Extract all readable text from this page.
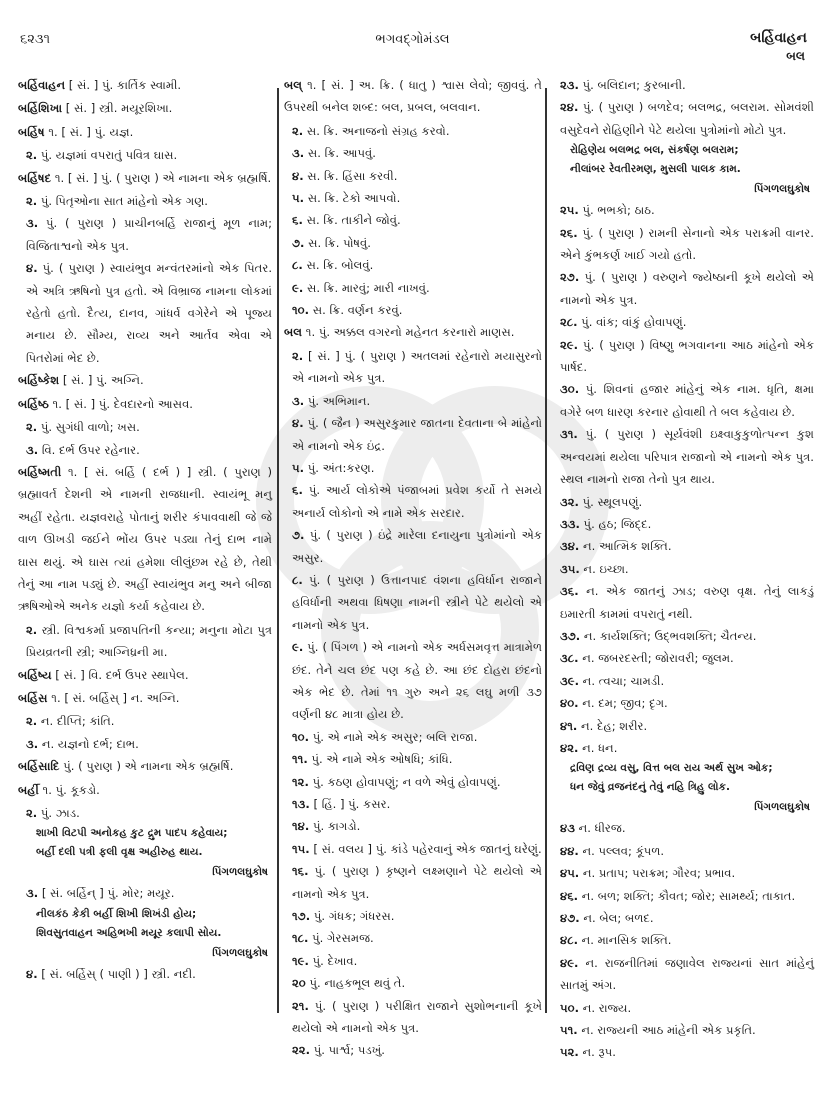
૬૨૩૧	ભગવદ્ગોમંડલ	બર્હિવાહન
બલ
બર્હિવાહન [ સં. ] પું. કાર્તિક સ્વામી.
બર્હિશિખા [ સં. ] સ્ત્રી. મયૂરશિખા.
બર્હિષ ૧. [ સં. ] પું. યજ્ઞ.
૨. પું. યજ્ઞમાં વપરાતું પવિત્ર ઘાસ.
બર્હિષદ ૧. [ સં. ] પું. ( પુરાણ ) એ નામના એક બ્રહ્મર્ષિ.
૨. પું. પિતૃઓના સાત માંહેનો એક ગણ.
૩. પું. ( પુરાણ ) પ્રાચીનબર્હિ રાજાનું મૂળ નામ; વિજિતાશ્વનો એક પુત્ર.
૪. પું. ( પુરાણ ) સ્વાયંભુવ મન્વંતરમાંનો એક પિતર. એ અત્રિ ઋષિનો પુત્ર હતો. એ વિભ્રાજ નામના લોકમાં રહેતો હતો. દૈત્ય, દાનવ, ગાંધર્વ વગેરેને એ પૂજ્ય મનાય છે. સૌમ્ય, રાવ્ય અને આર્તવ એવા એ પિતરોમાં ભેદ છે.
બર્હિષ્કેશ [ સં. ] પું. અગ્નિ.
બર્હિષ્ઠ ૧. [ સં. ] પું. દેવદારનો આસવ.
૨. પું. સુગંધી વાળો; ખસ.
૩. વિ. દર્ભ ઉપર રહેનાર.
બર્હિષ્મતી ૧. [ સં. બર્હિ ( દર્ભ ) ] સ્ત્રી. ( પુરાણ ) બ્રહ્માવર્ત દેશની એ નામની રાજધાની. સ્વાયંભૂ મનુ અહીં રહેતા. યજ્ઞવરાહે પોતાનું શરીર કંપાવવાથી જે જે વાળ ઊખડી જઈને ભોંય ઉપર પડ્યા તેનું દાભ નામે ઘાસ થયું. એ ઘાસ ત્યાં હમેશા લીલુંછમ રહે છે, તેથી તેનું આ નામ પડ્યું છે. અહીં સ્વાયંભુવ મનુ અને બીજા ઋષિઓએ અનેક યજ્ઞો કર્યા કહેવાય છે.
૨. સ્ત્રી. વિશ્વકર્મા પ્રજાપતિની કન્યા; મનુના મોટા પુત્ર પ્રિયવ્રતની સ્ત્રી; આગ્નિધ્રની મા.
બર્હિષ્ય [ સં. ] વિ. દર્ભ ઉપર સ્થાપેલ.
બર્હિસ ૧. [ સં. બર્હિસ્ ] ન. અગ્નિ.
૨. ન. દીપ્તિ; કાંતિ.
૩. ન. યજ્ઞનો દર્ભ; દાભ.
બર્હિસાદિ પું. ( પુરાણ ) એ નામના એક બ્રહ્મર્ષિ.
બર્હી ૧. પું. કૂકડો.
૨. પું. ઝાડ.
શાખી વિટપી અનોકહ કુટ દ્રુમ પાદપ કહેવાય;
બર્હી દલી પત્રી ફલી વૃક્ષ અહીરુહ થાય.
પિંગળલઘુકોષ
૩. [ સં. બર્હિન્ ] પું. મોર; મયૂર.
નીલકંઠ કેકી બર્હી શિખી શિખંડી હોય;
શિવસુતવાહન અહિભખી મયૂર કલાપી સોય.
પિંગળલઘુકોષ
૪. [ સં. બર્હિસ્ ( પાણી ) ] સ્ત્રી. નદી.
બલ્ ૧. [ સં. ] અ. ક્રિ. ( ધાતુ ) શ્વાસ લેવો; જીવવું. તે ઉપરથી બનેલ શબ્દ: બલ, પ્રબલ, બલવાન.
૨. સ. ક્રિ. અનાજનો સંગ્રહ કરવો.
૩. સ. ક્રિ. આપવું.
૪. સ. ક્રિ. હિંસા કરવી.
૫. સ. ક્રિ. ટેકો આપવો.
૬. સ. ક્રિ. તાકીને જોવું.
૭. સ. ક્રિ. પોષવું.
૮. સ. ક્રિ. બોલવું.
૯. સ. ક્રિ. મારવું; મારી નાખવું.
૧૦. સ. ક્રિ. વર્ણન કરવું.
બલ ૧. પું. અક્કલ વગરનો મહેનત કરનારો માણસ.
૨. [ સં. ] પું. ( પુરાણ ) અતલમાં રહેનારો મયાસુરનો એ નામનો એક પુત્ર.
૩. પું. અભિમાન.
૪. પું. ( જૈન ) અસુરકુમાર જાતના દેવતાના બે માંહેનો એ નામનો એક ઇંદ્ર.
૫. પું. અંત:કરણ.
૬. પું. આર્ય લોકોએ પંજાબમાં પ્રવેશ કર્યો તે સમયે અનાર્ય લોકોનો એ નામે એક સરદાર.
૭. પું. ( પુરાણ ) ઇંદ્રે મારેલા દનાયુના પુત્રોમાંનો એક અસુર.
૮. પું. ( પુરાણ ) ઉત્તાનપાદ વંશના હવિર્ધાન રાજાને હવિર્ધાની અથવા ધિષણા નામની સ્ત્રીને પેટે થયેલો એ નામનો એક પુત્ર.
૯. પું. ( પિંગળ ) એ નામનો એક અર્ધસમવૃત્ત માત્રામેળ છંદ. તેને ચલ છંદ પણ કહે છે. આ છંદ દોહરા છંદનો એક ભેદ છે. તેમાં ૧૧ ગુરુ અને ૨૬ લઘુ મળી ૩૭ વર્ણની ૪૮ માત્રા હોય છે.
૧૦. પું. એ નામે એક અસુર; બલિ રાજા.
૧૧. પું. એ નામે એક ઓષધિ; કાંધિ.
૧૨. પું. કઠણ હોવાપણું; ન વળે એવું હોવાપણું.
૧૩. [ હિં. ] પું. કસર.
૧૪. પું. કાગડો.
૧૫. [ સં. વલય ] પું. કાંડે પહેરવાનું એક જાતનું ઘરેણું.
૧૬. પું. ( પુરાણ ) કૃષ્ણને લક્ષ્મણાને પેટે થયેલો એ નામનો એક પુત્ર.
૧૭. પું. ગંધક; ગંધરસ.
૧૮. પું. ગેરસમજ.
૧૯. પું. દેખાવ.
૨૦ પું. નાહકભૂલ થવું તે.
૨૧. પું. ( પુરાણ ) પરીક્ષિત રાજાને સુશોભનાની કૂખે થયેલો એ નામનો એક પુત્ર.
૨૨. પું. પાર્શ્વ; પડખું.
૨૩. પું. બલિદાન; કુરબાની.
૨૪. પું. ( પુરાણ ) બળદેવ; બલભદ્ર, બલરામ. સોમવંશી વસુદેવને રોહિણીને પેટે થયેલા પુત્રોમાંનો મોટો પુત્ર.
રોહિણેય બલભદ્ર બલ, સંકર્ષણ બલરામ;
નીલાંબર રેવતીરમણ, મુસલી પાલક કામ.
પિંગળલઘુકોષ
૨૫. પું. ભભકો; ઠાઠ.
૨૬. પું. ( પુરાણ ) રામની સેનાનો એક પરાક્રમી વાનર. એને કુંભકર્ણ ખાઈ ગયો હતો.
૨૭. પું. ( પુરાણ ) વરુણને જ્યેષ્ઠાની કૂખે થયેલો એ નામનો એક પુત્ર.
૨૮. પું. વાંક; વાંકું હોવાપણું.
૨૯. પું. ( પુરાણ ) વિષ્ણુ ભગવાનના આઠ માંહેનો એક પાર્ષદ.
૩૦. પું. શિવનાં હજાર માંહેનું એક નામ. ધૃતિ, ક્ષમા વગેરે બળ ધારણ કરનાર હોવાથી તે બલ કહેવાય છે.
૩૧. પું. ( પુરાણ ) સૂર્યવંશી ઇક્ષ્વાકુકુળોત્પન્ન કુશ અન્વયમાં થયેલા પરિપાત્ર રાજાનો એ નામનો એક પુત્ર. સ્થલ નામનો રાજા તેનો પુત્ર થાય.
૩૨. પું. સ્થૂલપણું.
૩૩. પું. હઠ; જિદ્દ.
૩૪. ન. આત્મિક શક્તિ.
૩૫. ન. ઇચ્છા.
૩૬. ન. એક જાતનું ઝાડ; વરુણ વૃક્ષ. તેનું લાકડું ઇમારતી કામમાં વપરાતું નથી.
૩૭. ન. કાર્યશક્તિ; ઉદ્ભવશક્તિ; ચૈતન્ય.
૩૮. ન. જબરદસ્તી; જોરાવરી; જુલમ.
૩૯. ન. ત્વચા; ચામડી.
૪૦. ન. દમ; જીવ; દૃગ.
૪૧. ન. દેહ; શરીર.
૪૨. ન. ધન.
દ્રવિણ દ્રવ્ય વસુ, વિત્ત બલ રાય અર્થ સુખ ઓક;
ધન જેવું વ્રજનંદનું તેવું નહિ ત્રિહુ લોક.
પિંગળલઘુકોષ
૪૩ ન. ધીરજ.
૪૪. ન. પલ્લવ; કૂંપળ.
૪૫. ન. પ્રતાપ; પરાક્રમ; ગૌરવ; પ્રભાવ.
૪૬. ન. બળ; શક્તિ; કૌવત; જોર; સામર્થ્ય; તાકાત.
૪૭. ન. બેલ; બળદ.
૪૮. ન. માનસિક શક્તિ.
૪૯. ન. રાજનીતિમાં જણાવેલ રાજ્યનાં સાત માંહેનું સાતમું અંગ.
૫૦. ન. રાજ્ય.
૫૧. ન. રાજ્યની આઠ માંહેની એક પ્રકૃતિ.
૫૨. ન. રૂપ.
